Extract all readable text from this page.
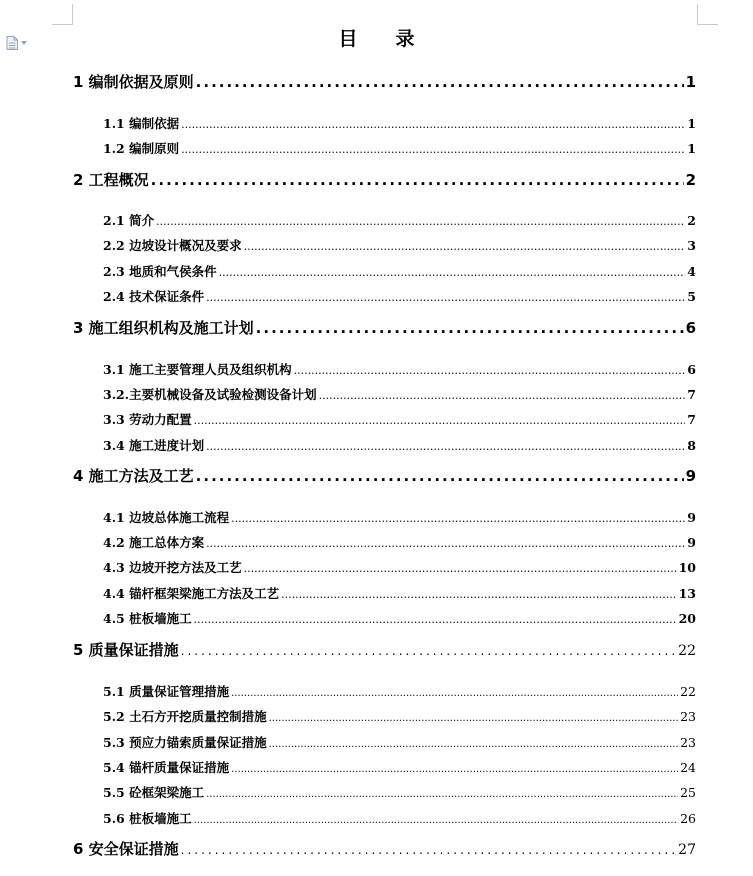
目 录
1 编制依据及原则 .....	1
1.1 编制依据 .....	1
1.2 编制原则 .....	1
2 工程概况 .....	2
2.1 简介 .....	2
2.2 边坡设计概况及要求 .....	3
2.3 地质和气侯条件 .....	4
2.4 技术保证条件 .....	5
3 施工组织机构及施工计划 .....	6
3.1 施工主要管理人员及组织机构 .....	6
3.2.主要机械设备及试验检测设备计划 .....	7
3.3 劳动力配置 .....	7
3.4 施工进度计划 .....	8
4 施工方法及工艺 .....	9
4.1 边坡总体施工流程 .....	9
4.2 施工总体方案 .....	9
4.3 边坡开挖方法及工艺 .....	10
4.4 锚杆框架梁施工方法及工艺 .....	13
4.5 桩板墙施工 .....	20
5 质量保证措施 .....	22
5.1 质量保证管理措施 .....	22
5.2 土石方开挖质量控制措施 .....	23
5.3 预应力锚索质量保证措施 .....	23
5.4 锚杆质量保证措施 .....	24
5.5 砼框架梁施工 .....	25
5.6 桩板墙施工 .....	26
6 安全保证措施 .....	27
